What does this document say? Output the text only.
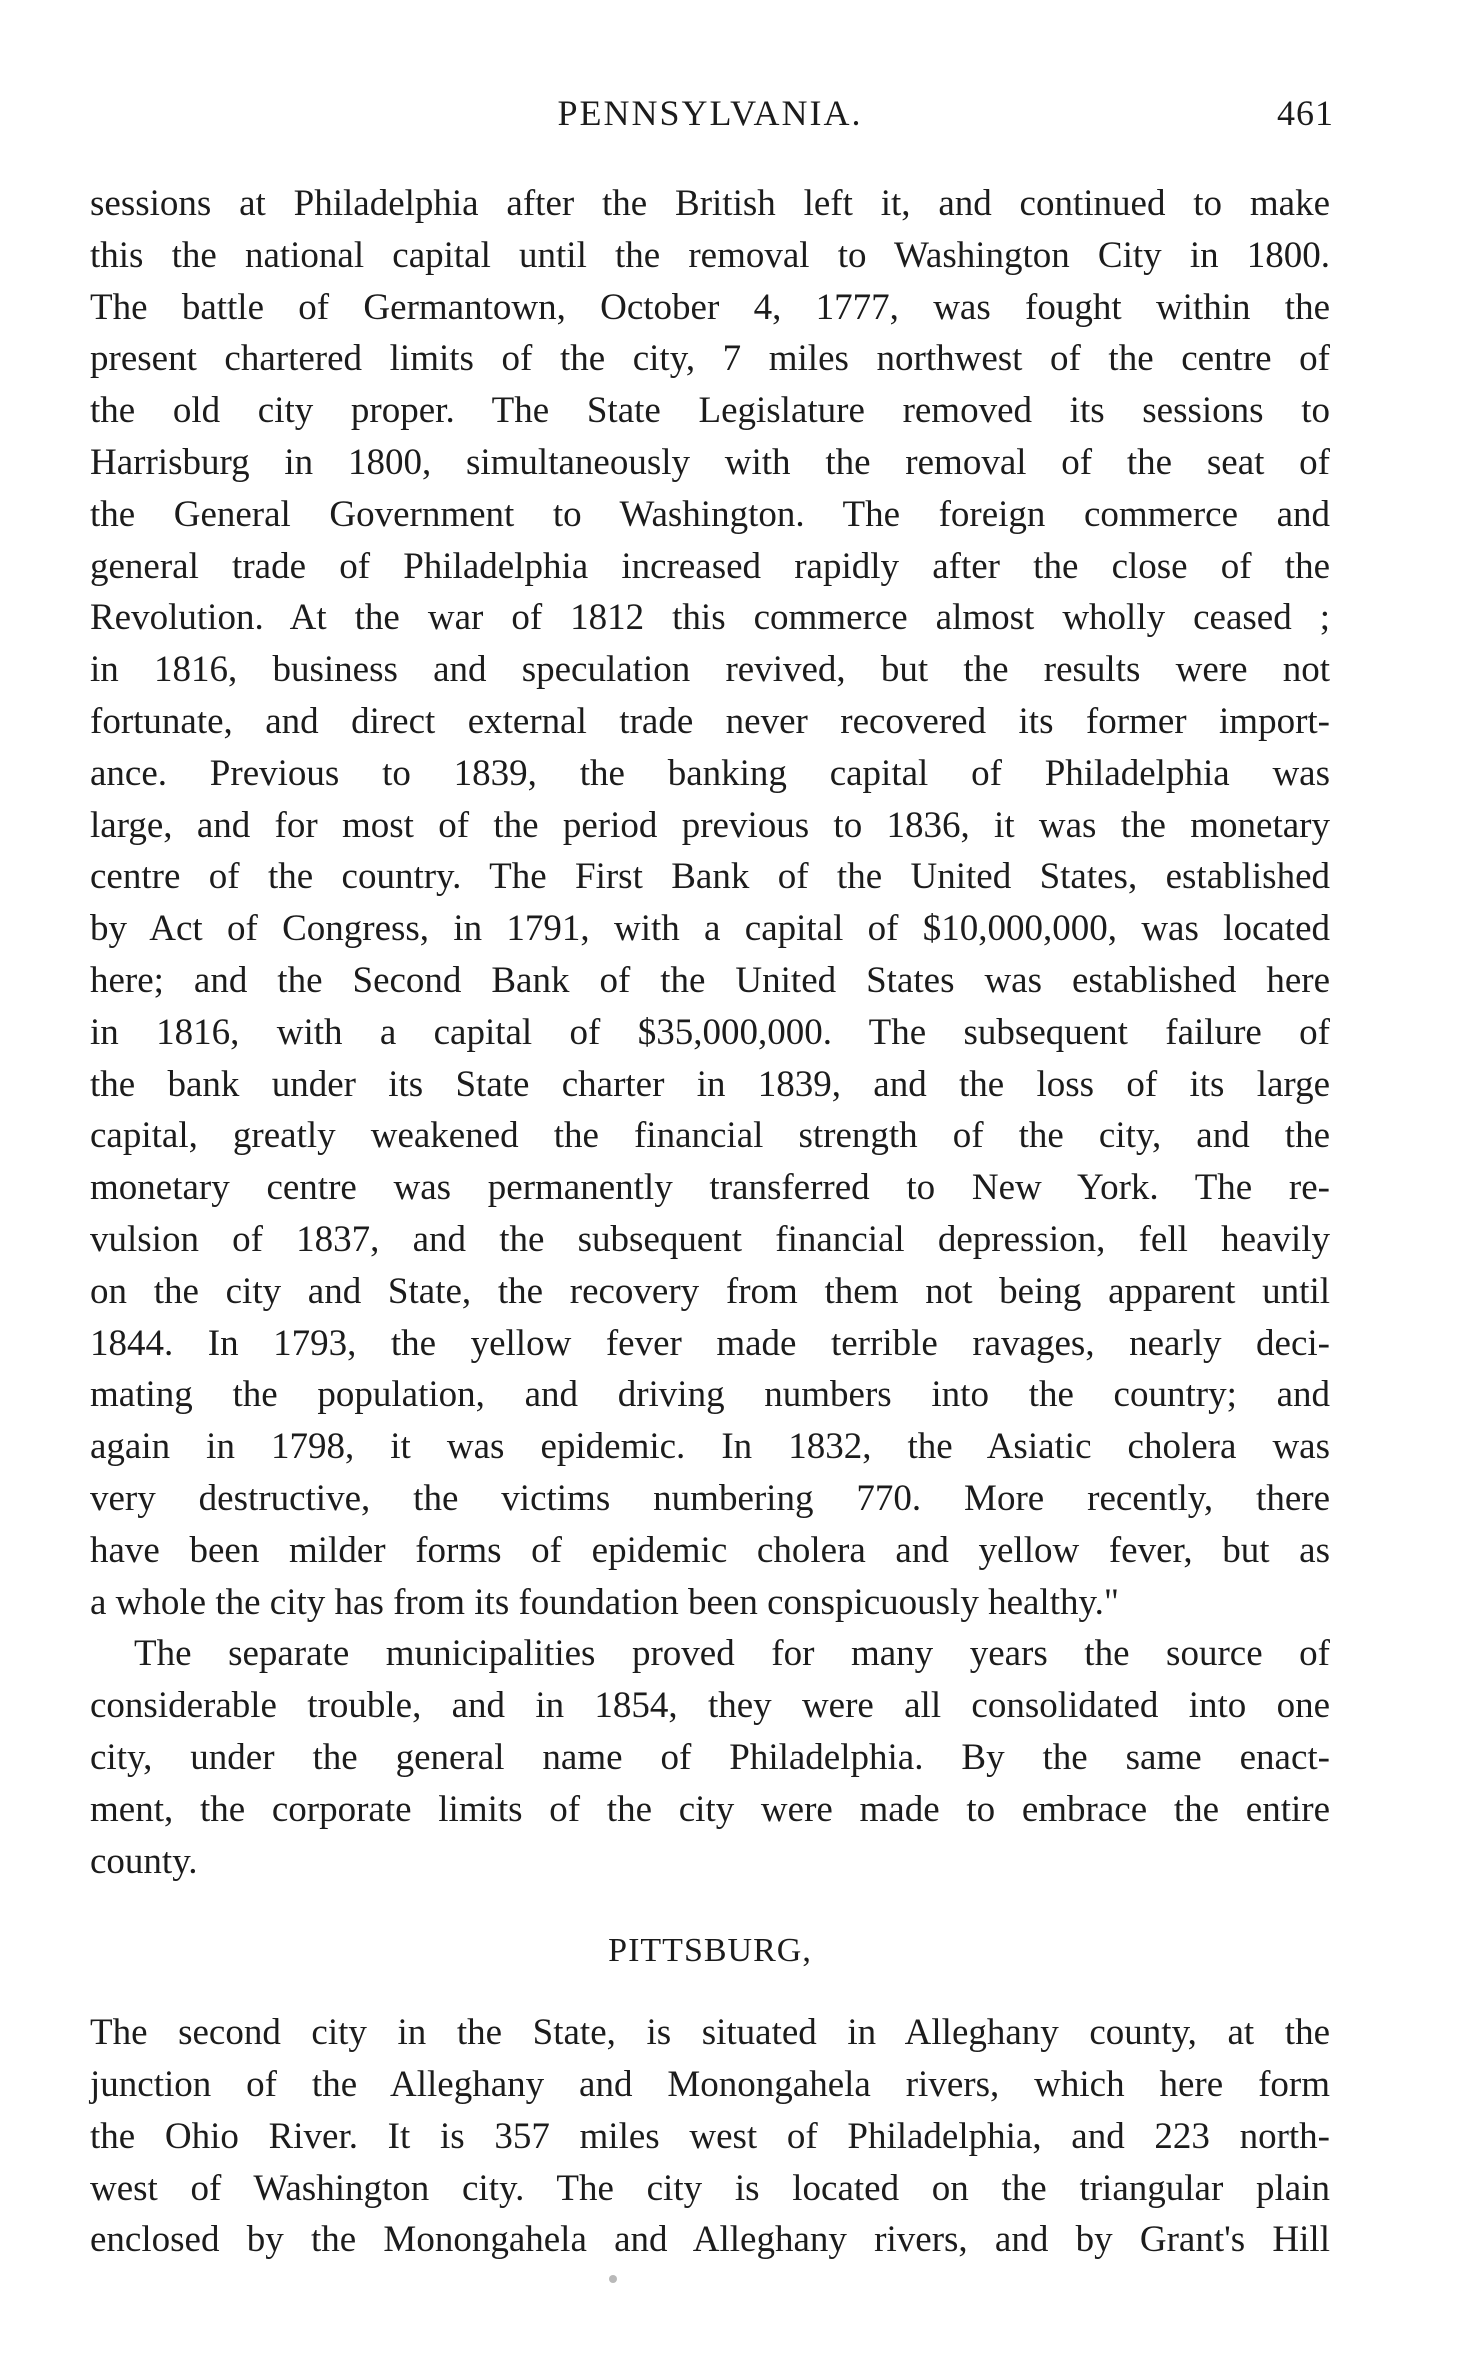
PENNSYLVANIA.	461
sessions at Philadelphia after the British left it, and continued to make
this the national capital until the removal to Washington City in 1800.
The battle of Germantown, October 4, 1777, was fought within the
present chartered limits of the city, 7 miles northwest of the centre of
the old city proper. The State Legislature removed its sessions to
Harrisburg in 1800, simultaneously with the removal of the seat of
the General Government to Washington. The foreign commerce and
general trade of Philadelphia increased rapidly after the close of the
Revolution. At the war of 1812 this commerce almost wholly ceased ;
in 1816, business and speculation revived, but the results were not
fortunate, and direct external trade never recovered its former import-
ance. Previous to 1839, the banking capital of Philadelphia was
large, and for most of the period previous to 1836, it was the monetary
centre of the country. The First Bank of the United States, established
by Act of Congress, in 1791, with a capital of $10,000,000, was located
here; and the Second Bank of the United States was established here
in 1816, with a capital of $35,000,000. The subsequent failure of
the bank under its State charter in 1839, and the loss of its large
capital, greatly weakened the financial strength of the city, and the
monetary centre was permanently transferred to New York. The re-
vulsion of 1837, and the subsequent financial depression, fell heavily
on the city and State, the recovery from them not being apparent until
1844. In 1793, the yellow fever made terrible ravages, nearly deci-
mating the population, and driving numbers into the country; and
again in 1798, it was epidemic. In 1832, the Asiatic cholera was
very destructive, the victims numbering 770. More recently, there
have been milder forms of epidemic cholera and yellow fever, but as
a whole the city has from its foundation been conspicuously healthy."
The separate municipalities proved for many years the source of
considerable trouble, and in 1854, they were all consolidated into one
city, under the general name of Philadelphia. By the same enact-
ment, the corporate limits of the city were made to embrace the entire
county.
PITTSBURG,
The second city in the State, is situated in Alleghany county, at the
junction of the Alleghany and Monongahela rivers, which here form
the Ohio River. It is 357 miles west of Philadelphia, and 223 north-
west of Washington city. The city is located on the triangular plain
enclosed by the Monongahela and Alleghany rivers, and by Grant's Hill
